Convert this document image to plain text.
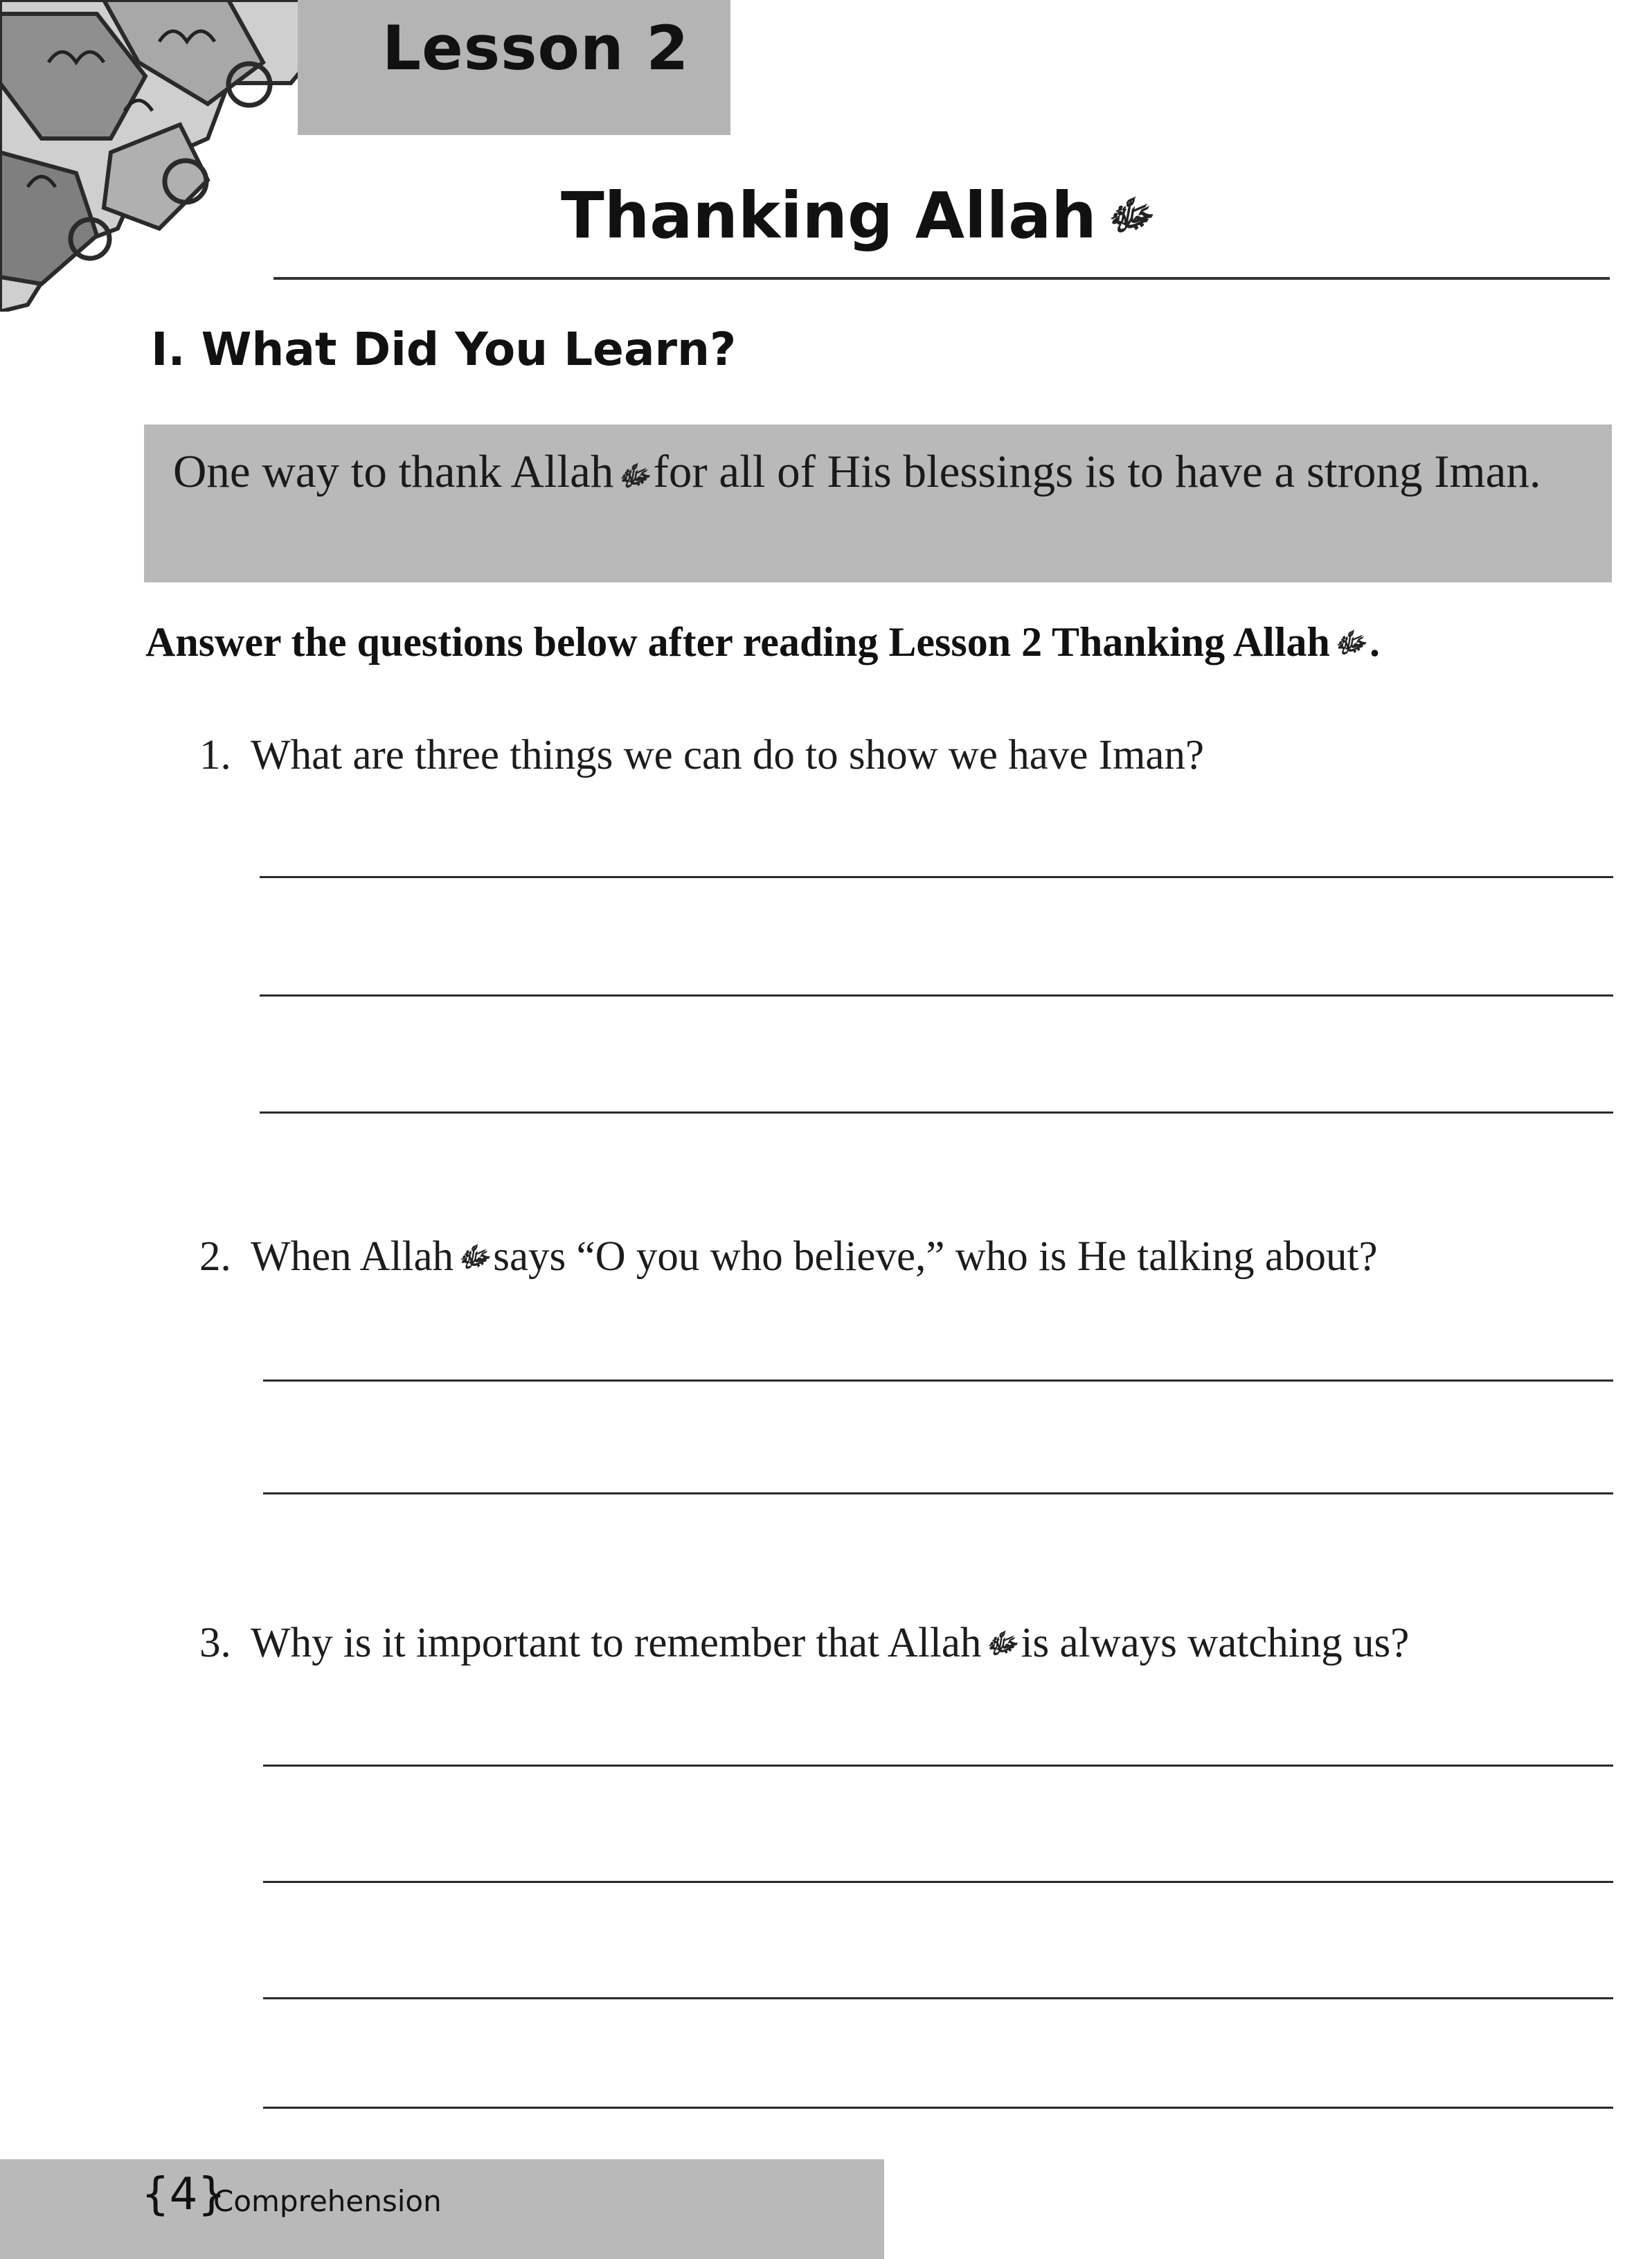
Lesson 2
Thanking Allah ﷻ
I. What Did You Learn?

One way to thank Allah ﷻfor all of His blessings is to have a strong Iman.

Answer the questions below after reading Lesson 2 Thanking Allah ﷻ .
1. What are three things we can do to show we have Iman?
2. When Allah ﷻsays “O you who believe,” who is He talking about?
3. Why is it important to remember that Allah ﷻis always watching us?
{4}
Comprehension
